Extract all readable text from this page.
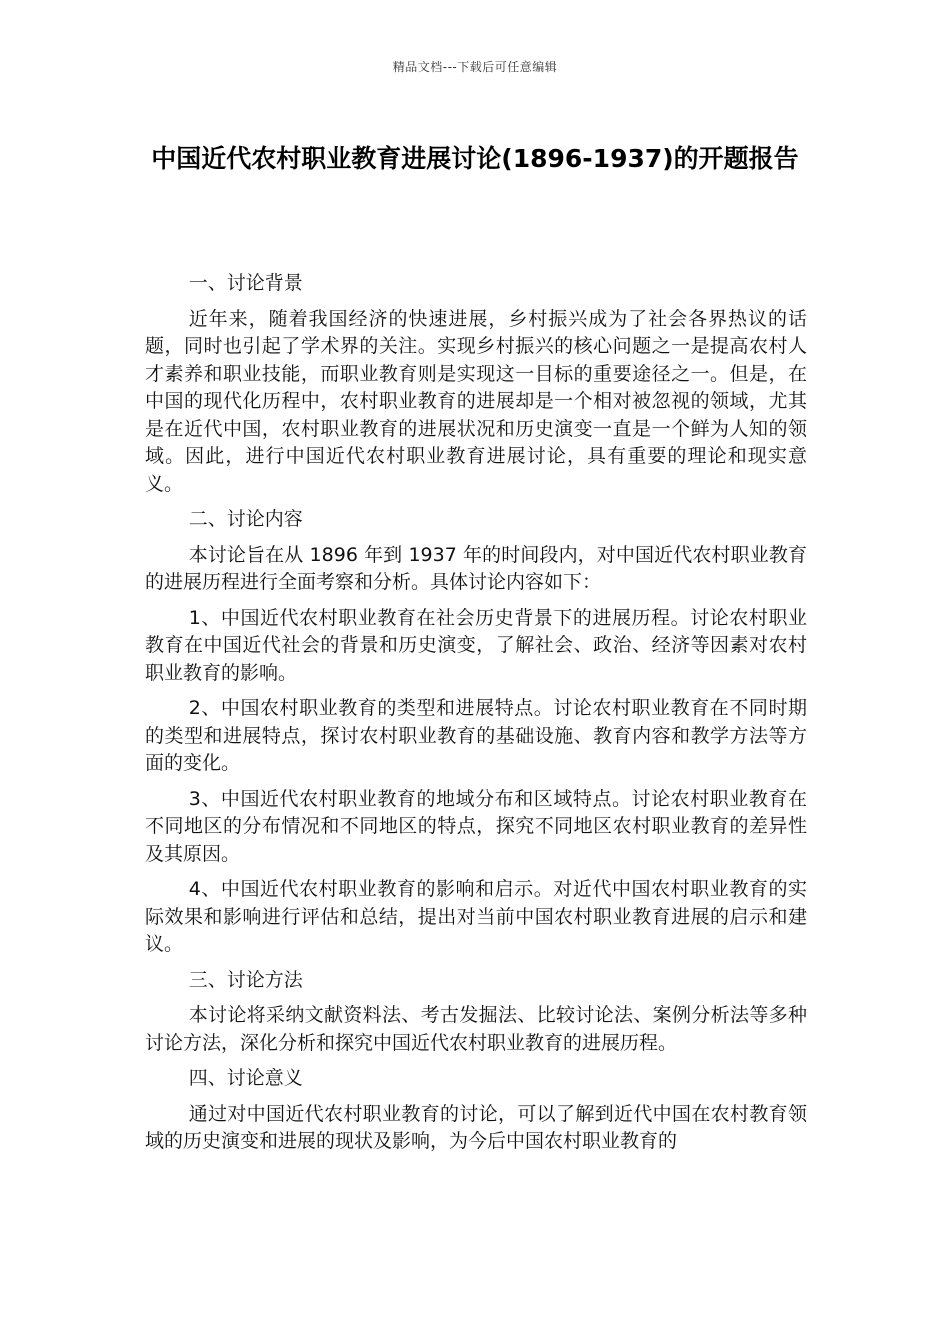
精品文档---下载后可任意编辑
中国近代农村职业教育进展讨论(1896-1937)的开题报告

一、讨论背景

近年来，随着我国经济的快速进展，乡村振兴成为了社会各界热议的话题，同时也引起了学术界的关注。实现乡村振兴的核心问题之一是提高农村人才素养和职业技能，而职业教育则是实现这一目标的重要途径之一。但是，在中国的现代化历程中，农村职业教育的进展却是一个相对被忽视的领域，尤其是在近代中国，农村职业教育的进展状况和历史演变一直是一个鲜为人知的领域。因此，进行中国近代农村职业教育进展讨论，具有重要的理论和现实意义。

二、讨论内容

本讨论旨在从 1896 年到 1937 年的时间段内，对中国近代农村职业教育的进展历程进行全面考察和分析。具体讨论内容如下：

1、中国近代农村职业教育在社会历史背景下的进展历程。讨论农村职业教育在中国近代社会的背景和历史演变，了解社会、政治、经济等因素对农村职业教育的影响。

2、中国农村职业教育的类型和进展特点。讨论农村职业教育在不同时期的类型和进展特点，探讨农村职业教育的基础设施、教育内容和教学方法等方面的变化。

3、中国近代农村职业教育的地域分布和区域特点。讨论农村职业教育在不同地区的分布情况和不同地区的特点，探究不同地区农村职业教育的差异性及其原因。

4、中国近代农村职业教育的影响和启示。对近代中国农村职业教育的实际效果和影响进行评估和总结，提出对当前中国农村职业教育进展的启示和建议。

三、讨论方法

本讨论将采纳文献资料法、考古发掘法、比较讨论法、案例分析法等多种讨论方法，深化分析和探究中国近代农村职业教育的进展历程。

四、讨论意义

通过对中国近代农村职业教育的讨论，可以了解到近代中国在农村教育领域的历史演变和进展的现状及影响，为今后中国农村职业教育的
